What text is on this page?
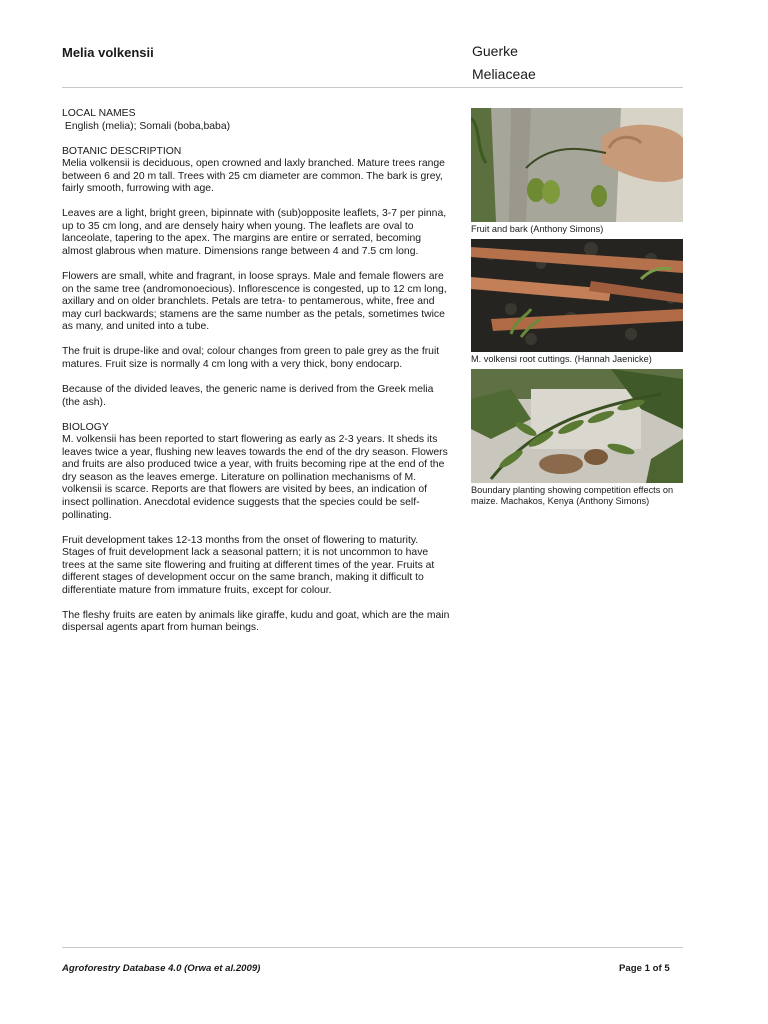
Melia volkensii	Guerke
Meliaceae
LOCAL NAMES

English (melia); Somali (boba,baba)

BOTANIC DESCRIPTION

Melia volkensii is deciduous, open crowned and laxly branched. Mature trees range between 6 and 20 m tall. Trees with 25 cm diameter are common. The bark is grey, fairly smooth, furrowing with age.

Leaves are a light, bright green, bipinnate with (sub)opposite leaflets, 3-7 per pinna, up to 35 cm long, and are densely hairy when young. The leaflets are oval to lanceolate, tapering to the apex. The margins are entire or serrated, becoming almost glabrous when mature. Dimensions range between 4 and 7.5 cm long.

Flowers are small, white and fragrant, in loose sprays. Male and female flowers are on the same tree (andromonoecious). Inflorescence is congested, up to 12 cm long, axillary and on older branchlets. Petals are tetra- to pentamerous, white, free and may curl backwards; stamens are the same number as the petals, sometimes twice as many, and united into a tube.

The fruit is drupe-like and oval; colour changes from green to pale grey as the fruit matures. Fruit size is normally 4 cm long with a very thick, bony endocarp.

Because of the divided leaves, the generic name is derived from the Greek melia (the ash).

BIOLOGY

M. volkensii has been reported to start flowering as early as 2-3 years. It sheds its leaves twice a year, flushing new leaves towards the end of the dry season. Flowers and fruits are also produced twice a year, with fruits becoming ripe at the end of the dry season as the leaves emerge. Literature on pollination mechanisms of M. volkensii is scarce. Reports are that flowers are visited by bees, an indication of insect pollination. Anecdotal evidence suggests that the species could be self-pollinating.

Fruit development takes 12-13 months from the onset of flowering to maturity. Stages of fruit development lack a seasonal pattern; it is not uncommon to have trees at the same site flowering and fruiting at different times of the year. Fruits at different stages of development occur on the same branch, making it difficult to differentiate mature from immature fruits, except for colour.

The fleshy fruits are eaten by animals like giraffe, kudu and goat, which are the main dispersal agents apart from human beings.

Fruit and bark (Anthony Simons)
M. volkensi root cuttings. (Hannah Jaenicke)
Boundary planting showing competition effects on maize. Machakos, Kenya (Anthony Simons)
Agroforestry Database 4.0 (Orwa et al.2009)	Page 1 of 5
